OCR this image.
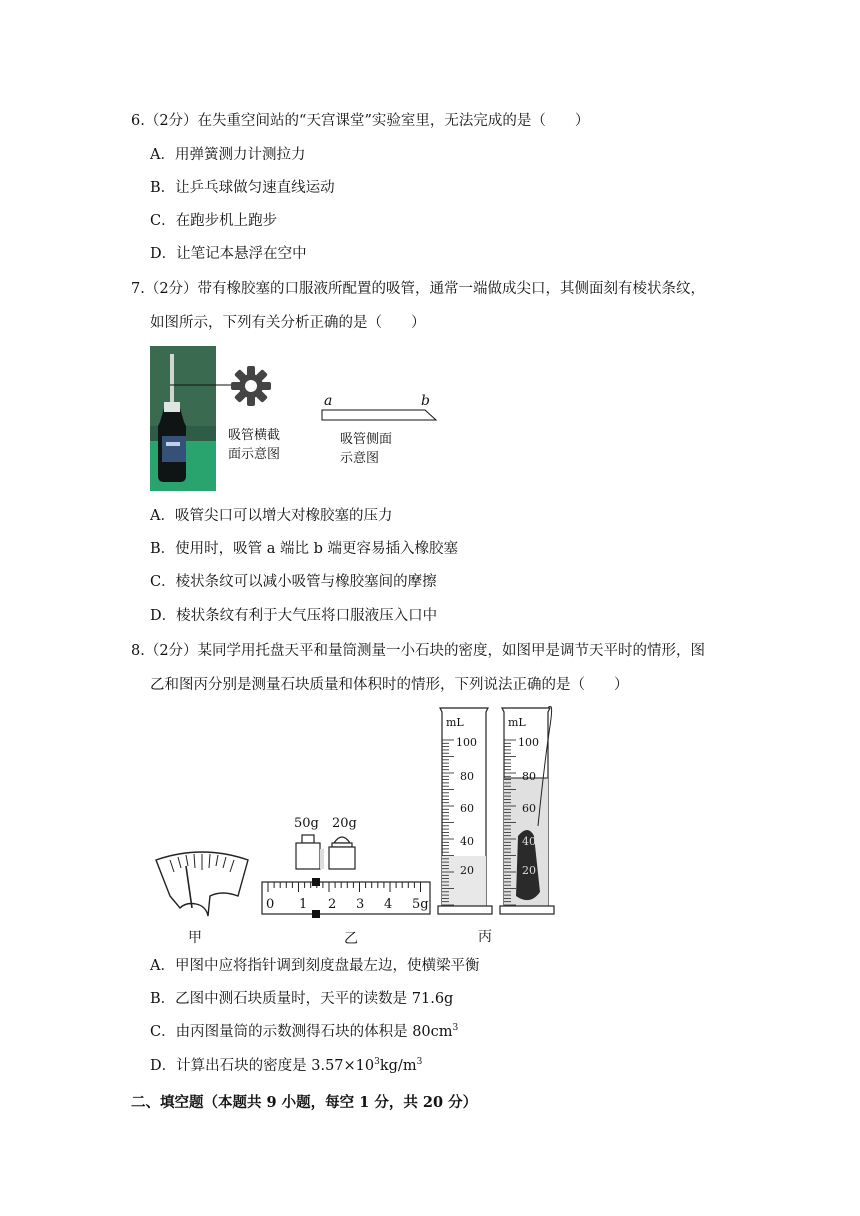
6.（2分）在失重空间站的“天宫课堂”实验室里，无法完成的是（　　）
A．用弹簧测力计测拉力
B．让乒乓球做匀速直线运动
C．在跑步机上跑步
D．让笔记本悬浮在空中
7.（2分）带有橡胶塞的口服液所配置的吸管，通常一端做成尖口，其侧面刻有棱状条纹，
如图所示，下列有关分析正确的是（　　）
吸管横截
面示意图
a	b
吸管侧面
示意图
A．吸管尖口可以增大对橡胶塞的压力
B．使用时，吸管 a 端比 b 端更容易插入橡胶塞
C．棱状条纹可以减小吸管与橡胶塞间的摩擦
D．棱状条纹有利于大气压将口服液压入口中
8.（2分）某同学用托盘天平和量筒测量一小石块的密度，如图甲是调节天平时的情形，图
乙和图丙分别是测量石块质量和体积时的情形，下列说法正确的是（　　）
甲
50g 20g
0 1 2 3 4 5g
乙
mL	mL
100
80
60
40
20
100
80
60
40
20
丙
A．甲图中应将指针调到刻度盘最左边，使横梁平衡
B．乙图中测石块质量时，天平的读数是 71.6g
C．由丙图量筒的示数测得石块的体积是 $80cm^3$
D．计算出石块的密度是 $3.57\times 10^3kg/m^3$
二、填空题（本题共 9 小题，每空 1 分，共 20 分）
